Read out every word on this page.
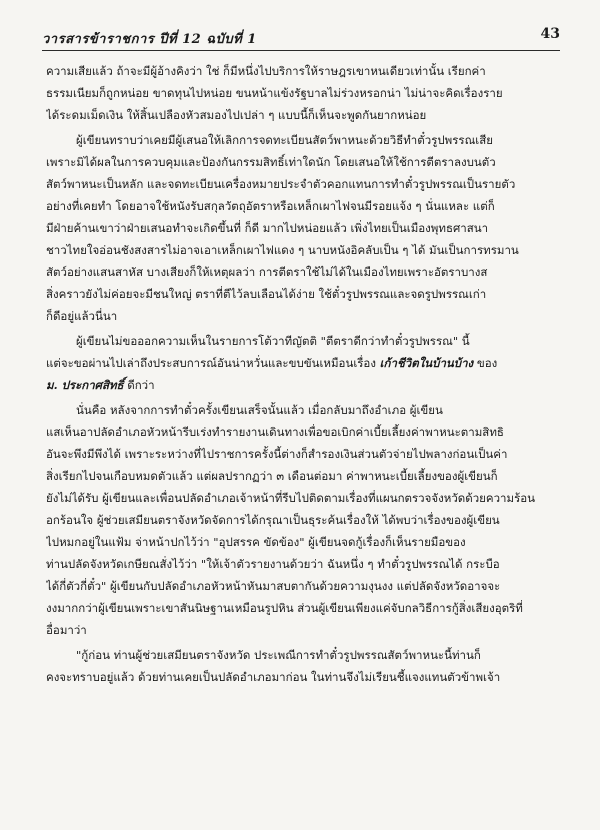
วารสารข้าราชการ ปีที่ 12 ฉบับที่ 1	43

ความเสียแล้ว ถ้าจะมีผู้อ้างคิงว่า ใช่ ก็มีหนึ่งไปบริการให้ราษฎรเขาหนเดียวเท่านั้น เรียกค่า
ธรรมเนียมก็ถูกหน่อย ขาดทุนไปหน่อย ขนหน้าแข้งรัฐบาลไม่ร่วงหรอกน่า ไม่น่าจะคิดเรื่องราย
ได้ระดมเม็ดเงิน ให้สิ้นเปลืองหัวสมองไปเปล่า ๆ แบบนี้ก็เห็นจะพูดกันยากหน่อย

ผู้เขียนทราบว่าเคยมีผู้เสนอให้เลิกการจดทะเบียนสัตว์พาหนะด้วยวิธีทำตั๋วรูปพรรณเสีย
เพราะมิได้ผลในการควบคุมและป้องกันกรรมสิทธิ์เท่าใดนัก โดยเสนอให้ใช้การตีตราลงบนตัว
สัตว์พาหนะเป็นหลัก และจดทะเบียนเครื่องหมายประจำตัวคอกแทนการทำตั๋วรูปพรรณเป็นรายตัว
อย่างที่เคยทำ โดยอาจใช้หนังรับสกุลวัตถุอัตราหรือเหล็กเผาไฟจนมีรอยแจ้ง ๆ นั่นแหละ แต่ก็
มีฝ่ายค้านเขาว่าฝ่ายเสนอทำจะเกิดขึ้นที่ ก็ดี มากไปหน่อยแล้ว เพิ่งไทยเป็นเมืองพุทธศาสนา
ชาวไทยใจอ่อนชังสงสารไม่อาจเอาเหล็กเผาไฟแดง ๆ นาบหนังอิคลับเป็น ๆ ได้ มันเป็นการทรมาน
สัตว์อย่างแสนสาหัส บางเสียงก็ให้เหตุผลว่า การตีตราใช้ไม่ได้ในเมืองไทยเพราะอัตราบางส
สิ่งคราวยังไม่ค่อยจะมีชนใหญ่ ตราที่ตีไว้ลบเลือนได้ง่าย ใช้ตั๋วรูปพรรณและจดรูปพรรณเก่า
ก็ดีอยู่แล้วนี่นา

ผู้เขียนไม่ขอออกความเห็นในรายการโต้วาทีญัตติ "ตีตราดีกว่าทำตั๋วรูปพรรณ" นี้
แต่จะขอผ่านไปเล่าถึงประสบการณ์อันน่าหวั่นและขบขันเหมือนเรื่อง เก้าชีวิตในบ้านบ้าง ของ
ม. ประกาศสิทธิ์ ดีกว่า

นั่นคือ หลังจากการทำตั๋วครั้งเขียนเสร็จนั้นแล้ว เมื่อกลับมาถึงอำเภอ ผู้เขียน
แสเห็นอาปลัดอำเภอหัวหน้ารีบเร่งทำรายงานเดินทางเพื่อขอเบิกค่าเบี้ยเลี้ยงค่าพาหนะตามสิทธิ
อันจะพึงมีพึงได้ เพราะระหว่างที่ไปราชการครั้งนี้ต่างก็สำรองเงินส่วนตัวจ่ายไปพลางก่อนเป็นค่า
สิ่งเรียกไปจนเกือบหมดตัวแล้ว แต่ผลปรากฏว่า ๓ เดือนต่อมา ค่าพาหนะเบี้ยเลี้ยงของผู้เขียนก็
ยังไม่ได้รับ ผู้เขียนและเพื่อนปลัดอำเภอเจ้าหน้าที่รีบไปติดตามเรื่องที่แผนกตรวจจังหวัดด้วยความร้อน
อกร้อนใจ ผู้ช่วยเสมียนตราจังหวัดจัดการได้กรุณาเป็นธุระค้นเรื่องให้ ได้พบว่าเรื่องของผู้เขียน
ไปหมกอยู่ในแฟ้ม จ่าหน้าปกไว้ว่า "อุปสรรค ขัดข้อง" ผู้เขียนจดกู้เรื่องก็เห็นรายมือของ
ท่านปลัดจังหวัดเกษียณสั่งไว้ว่า "ให้เจ้าตัวรายงานด้วยว่า ฉันหนึ่ง ๆ ทำตั๋วรูปพรรณได้ กระบือ
ได้กี่ตัวกี่ตั๋ว" ผู้เขียนกับปลัดอำเภอหัวหน้าหันมาสบตากันด้วยความงุนงง แต่ปลัดจังหวัดอาจจะ
งงมากกว่าผู้เขียนเพราะเขาสันนิษฐานเหมือนรูปหิน ส่วนผู้เขียนเพียงแค่จับกลวิธีการกู้สิ่งเสียงอุตริที่
อื่อมาว่า

"กู้ก่อน ท่านผู้ช่วยเสมียนตราจังหวัด ประเพณีการทำตั๋วรูปพรรณสัตว์พาหนะนี้ท่านก็
คงจะทราบอยู่แล้ว ด้วยท่านเคยเป็นปลัดอำเภอมาก่อน ในท่านจึงไม่เรียนชี้แจงแทนตัวข้าพเจ้า
